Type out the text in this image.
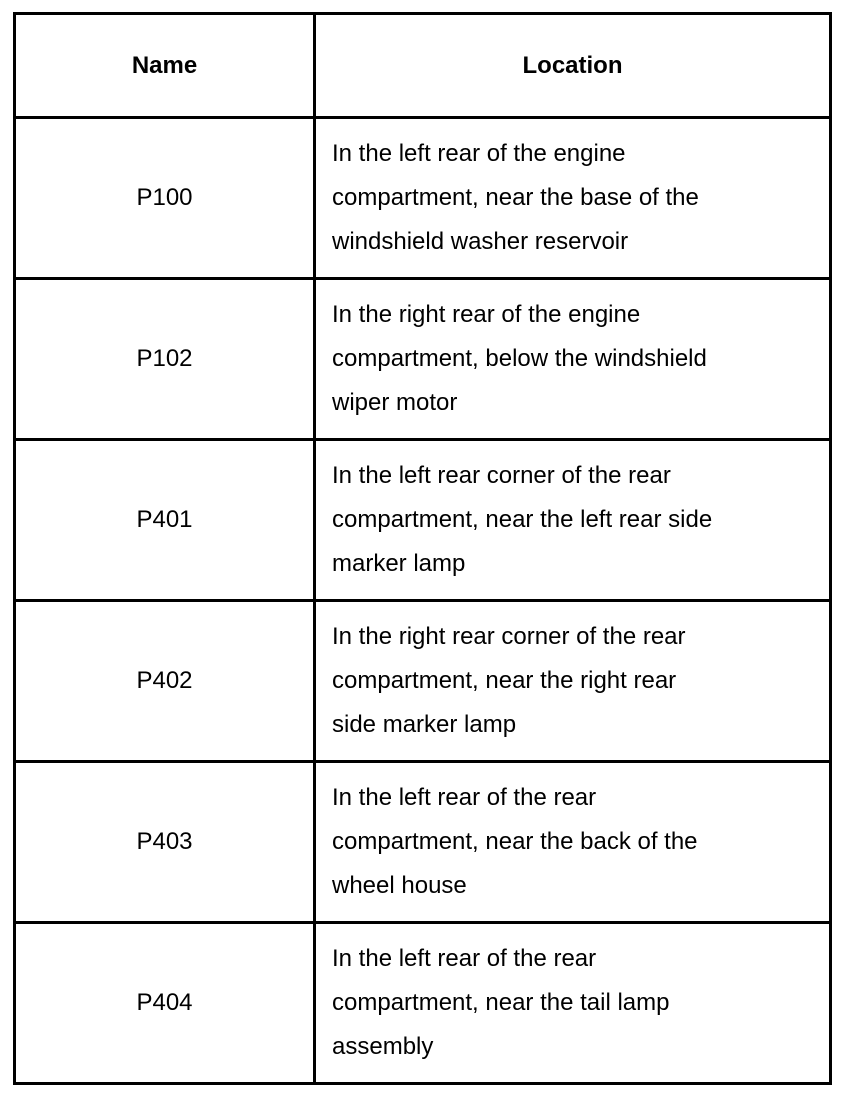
Name	Location
P100	In the left rear of the engine
compartment, near the base of the
windshield washer reservoir

P102	In the right rear of the engine
compartment, below the windshield
wiper motor

P401	In the left rear corner of the rear
compartment, near the left rear side
marker lamp

P402	In the right rear corner of the rear
compartment, near the right rear
side marker lamp

P403	In the left rear of the rear
compartment, near the back of the
wheel house

P404	In the left rear of the rear
compartment, near the tail lamp
assembly
